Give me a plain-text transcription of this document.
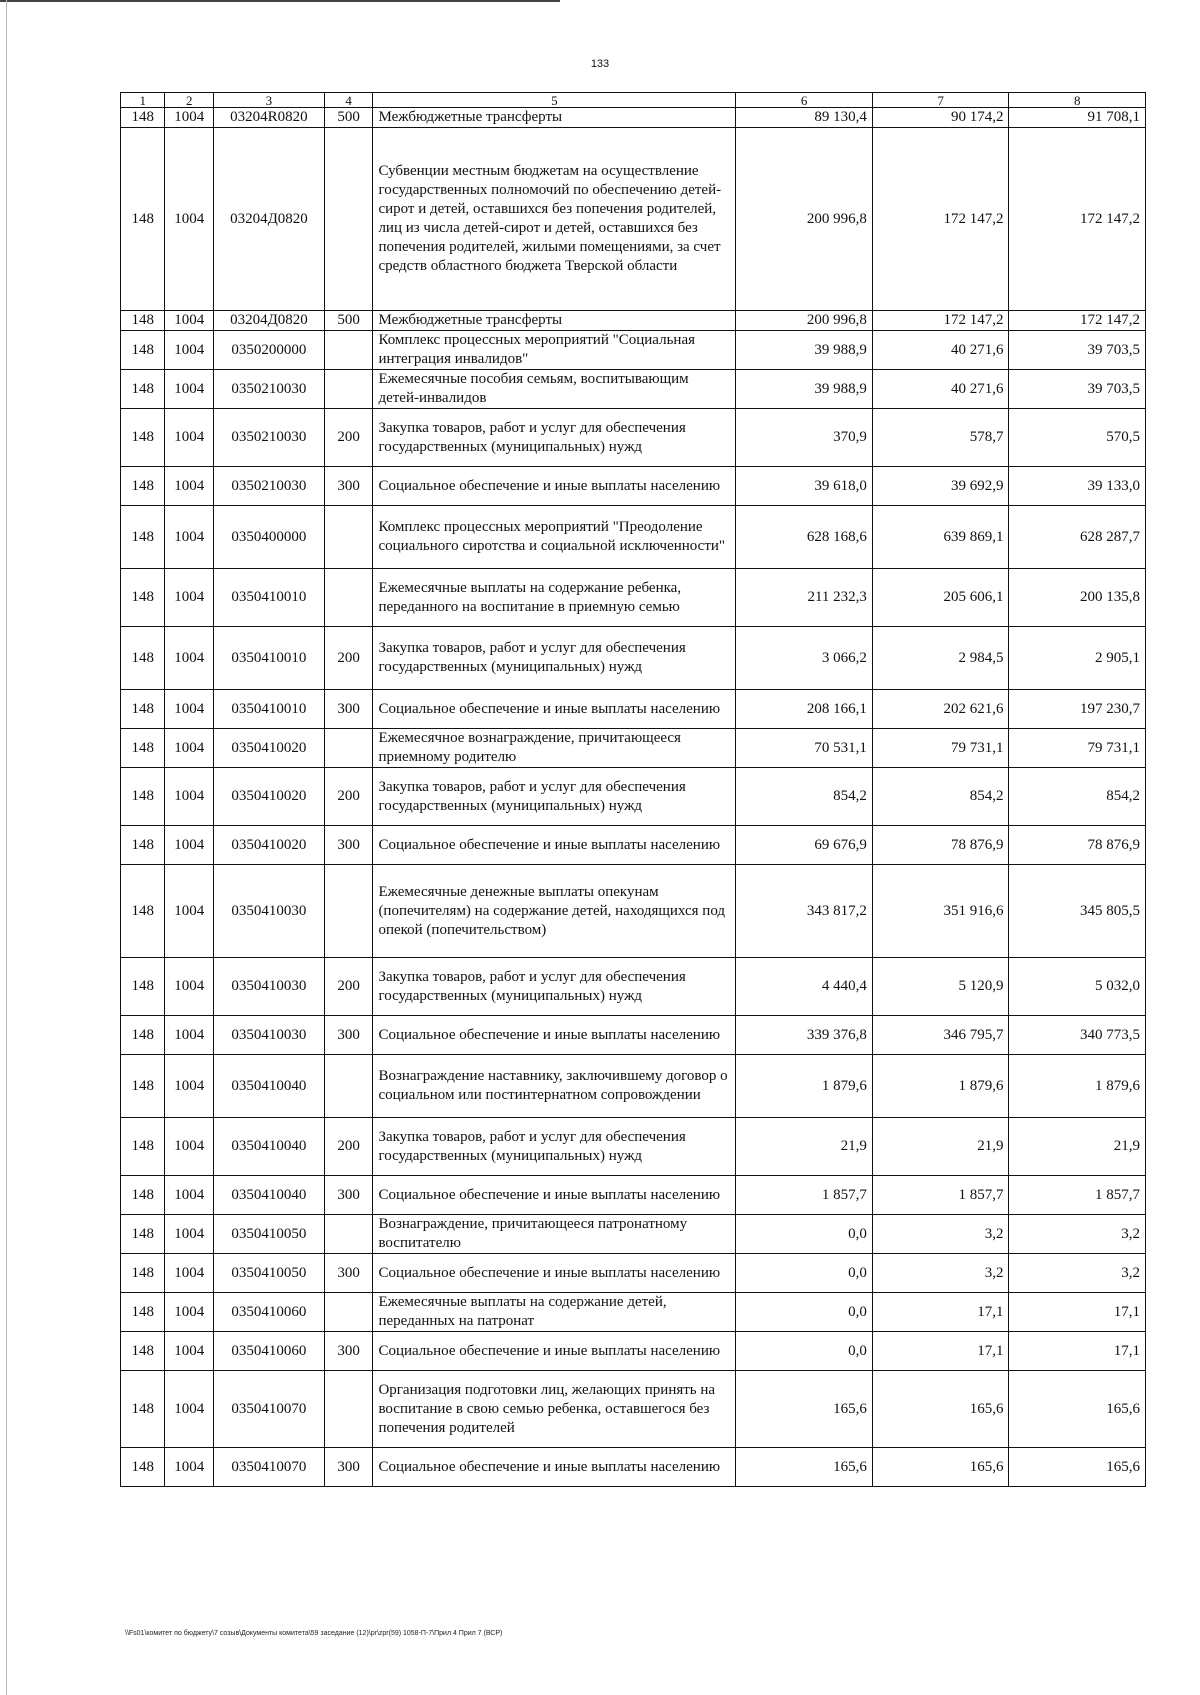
133
1	2	3	4	5	6	7	8
148	1004	03204R0820	500	Межбюджетные трансферты	89 130,4	90 174,2	91 708,1
148	1004	03204Д0820		Субвенции местным бюджетам на осуществление государственных полномочий по обеспечению детей-сирот и детей, оставшихся без попечения родителей, лиц из числа детей-сирот и детей, оставшихся без попечения родителей, жилыми помещениями, за счет средств областного бюджета Тверской области	200 996,8	172 147,2	172 147,2
148	1004	03204Д0820	500	Межбюджетные трансферты	200 996,8	172 147,2	172 147,2
148	1004	0350200000		Комплекс процессных мероприятий "Социальная интеграция инвалидов"	39 988,9	40 271,6	39 703,5
148	1004	0350210030		Ежемесячные пособия семьям, воспитывающим детей-инвалидов	39 988,9	40 271,6	39 703,5
148	1004	0350210030	200	Закупка товаров, работ и услуг для обеспечения государственных (муниципальных) нужд	370,9	578,7	570,5
148	1004	0350210030	300	Социальное обеспечение и иные выплаты населению	39 618,0	39 692,9	39 133,0
148	1004	0350400000		Комплекс процессных мероприятий "Преодоление социального сиротства и социальной исключенности"	628 168,6	639 869,1	628 287,7
148	1004	0350410010		Ежемесячные выплаты на содержание ребенка, переданного на воспитание в приемную семью	211 232,3	205 606,1	200 135,8
148	1004	0350410010	200	Закупка товаров, работ и услуг для обеспечения государственных (муниципальных) нужд	3 066,2	2 984,5	2 905,1
148	1004	0350410010	300	Социальное обеспечение и иные выплаты населению	208 166,1	202 621,6	197 230,7
148	1004	0350410020		Ежемесячное вознаграждение, причитающееся приемному родителю	70 531,1	79 731,1	79 731,1
148	1004	0350410020	200	Закупка товаров, работ и услуг для обеспечения государственных (муниципальных) нужд	854,2	854,2	854,2
148	1004	0350410020	300	Социальное обеспечение и иные выплаты населению	69 676,9	78 876,9	78 876,9
148	1004	0350410030		Ежемесячные денежные выплаты опекунам (попечителям) на содержание детей, находящихся под опекой (попечительством)	343 817,2	351 916,6	345 805,5
148	1004	0350410030	200	Закупка товаров, работ и услуг для обеспечения государственных (муниципальных) нужд	4 440,4	5 120,9	5 032,0
148	1004	0350410030	300	Социальное обеспечение и иные выплаты населению	339 376,8	346 795,7	340 773,5
148	1004	0350410040		Вознаграждение наставнику, заключившему договор о социальном или постинтернатном сопровождении	1 879,6	1 879,6	1 879,6
148	1004	0350410040	200	Закупка товаров, работ и услуг для обеспечения государственных (муниципальных) нужд	21,9	21,9	21,9
148	1004	0350410040	300	Социальное обеспечение и иные выплаты населению	1 857,7	1 857,7	1 857,7
148	1004	0350410050		Вознаграждение, причитающееся патронатному воспитателю	0,0	3,2	3,2
148	1004	0350410050	300	Социальное обеспечение и иные выплаты населению	0,0	3,2	3,2
148	1004	0350410060		Ежемесячные выплаты на содержание детей, переданных на патронат	0,0	17,1	17,1
148	1004	0350410060	300	Социальное обеспечение и иные выплаты населению	0,0	17,1	17,1
148	1004	0350410070		Организация подготовки лиц, желающих принять на воспитание в свою семью ребенка, оставшегося без попечения родителей	165,6	165,6	165,6
148	1004	0350410070	300	Социальное обеспечение и иные выплаты населению	165,6	165,6	165,6
\\Fs01\комитет по бюджету\7 созыв\Документы комитета\59 заседание (12)\pr\zpr(59) 1058-П-7\Прил 4 Прил 7 (ВСР)
